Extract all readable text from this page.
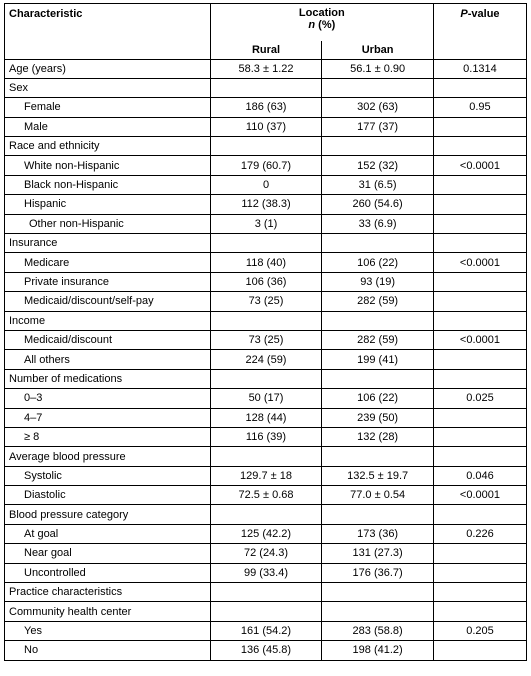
Characteristic	Location
n (%)		P-value
	Rural	Urban	
Age (years)	58.3 ± 1.22	56.1 ± 0.90	0.1314
Sex			
Female	186 (63)	302 (63)	0.95
Male	110 (37)	177 (37)	
Race and ethnicity			
White non-Hispanic	179 (60.7)	152 (32)	<0.0001
Black non-Hispanic	0	31 (6.5)	
Hispanic	112 (38.3)	260 (54.6)	
Other non-Hispanic	3 (1)	33 (6.9)	
Insurance			
Medicare	118 (40)	106 (22)	<0.0001
Private insurance	106 (36)	93 (19)	
Medicaid/discount/self-pay	73 (25)	282 (59)	
Income			
Medicaid/discount	73 (25)	282 (59)	<0.0001
All others	224 (59)	199 (41)	
Number of medications			
0–3	50 (17)	106 (22)	0.025
4–7	128 (44)	239 (50)	
≥ 8	116 (39)	132 (28)	
Average blood pressure			
Systolic	129.7 ± 18	132.5 ± 19.7	0.046
Diastolic	72.5 ± 0.68	77.0 ± 0.54	<0.0001
Blood pressure category			
At goal	125 (42.2)	173 (36)	0.226
Near goal	72 (24.3)	131 (27.3)	
Uncontrolled	99 (33.4)	176 (36.7)	
Practice characteristics			
Community health center			
Yes	161 (54.2)	283 (58.8)	0.205
No	136 (45.8)	198 (41.2)	
